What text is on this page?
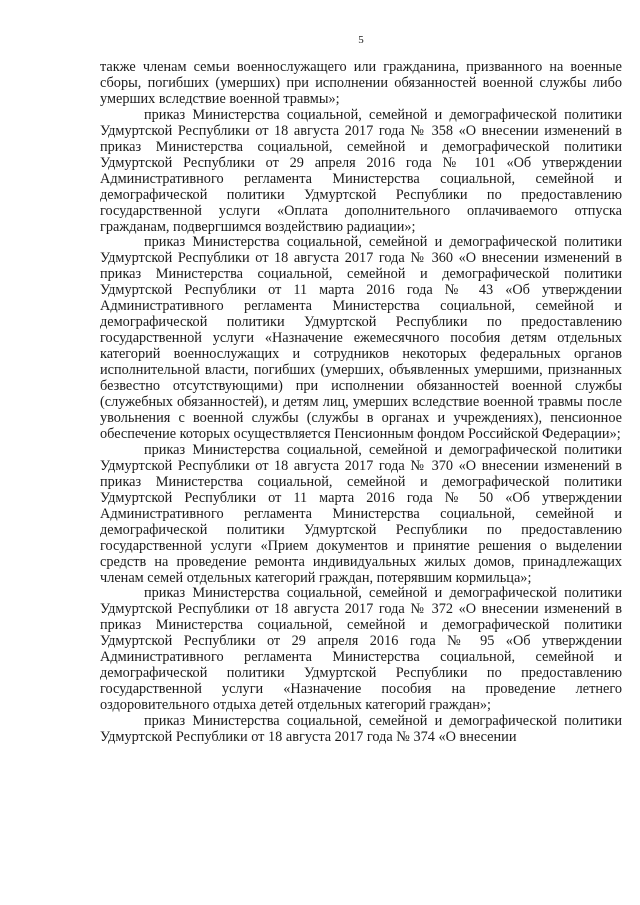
5

также членам семьи военнослужащего или гражданина, призванного на военные сборы, погибших (умерших) при исполнении обязанностей военной службы либо умерших вследствие военной травмы»;

приказ Министерства социальной, семейной и демографической политики Удмуртской Республики от 18 августа 2017 года № 358 «О внесении изменений в приказ Министерства социальной, семейной и демографической политики Удмуртской Республики от 29 апреля 2016 года № 101 «Об утверждении Административного регламента Министерства социальной, семейной и демографической политики Удмуртской Республики по предоставлению государственной услуги «Оплата дополнительного оплачиваемого отпуска гражданам, подвергшимся воздействию радиации»;

приказ Министерства социальной, семейной и демографической политики Удмуртской Республики от 18 августа 2017 года № 360 «О внесении изменений в приказ Министерства социальной, семейной и демографической политики Удмуртской Республики от 11 марта 2016 года № 43 «Об утверждении Административного регламента Министерства социальной, семейной и демографической политики Удмуртской Республики по предоставлению государственной услуги «Назначение ежемесячного пособия детям отдельных категорий военнослужащих и сотрудников некоторых федеральных органов исполнительной власти, погибших (умерших, объявленных умершими, признанных безвестно отсутствующими) при исполнении обязанностей военной службы (служебных обязанностей), и детям лиц, умерших вследствие военной травмы после увольнения с военной службы (службы в органах и учреждениях), пенсионное обеспечение которых осуществляется Пенсионным фондом Российской Федерации»;

приказ Министерства социальной, семейной и демографической политики Удмуртской Республики от 18 августа 2017 года № 370 «О внесении изменений в приказ Министерства социальной, семейной и демографической политики Удмуртской Республики от 11 марта 2016 года № 50 «Об утверждении Административного регламента Министерства социальной, семейной и демографической политики Удмуртской Республики по предоставлению государственной услуги «Прием документов и принятие решения о выделении средств на проведение ремонта индивидуальных жилых домов, принадлежащих членам семей отдельных категорий граждан, потерявшим кормильца»;

приказ Министерства социальной, семейной и демографической политики Удмуртской Республики от 18 августа 2017 года № 372 «О внесении изменений в приказ Министерства социальной, семейной и демографической политики Удмуртской Республики от 29 апреля 2016 года № 95 «Об утверждении Административного регламента Министерства социальной, семейной и демографической политики Удмуртской Республики по предоставлению государственной услуги «Назначение пособия на проведение летнего оздоровительного отдыха детей отдельных категорий граждан»;

приказ Министерства социальной, семейной и демографической политики Удмуртской Республики от 18 августа 2017 года № 374 «О внесении
